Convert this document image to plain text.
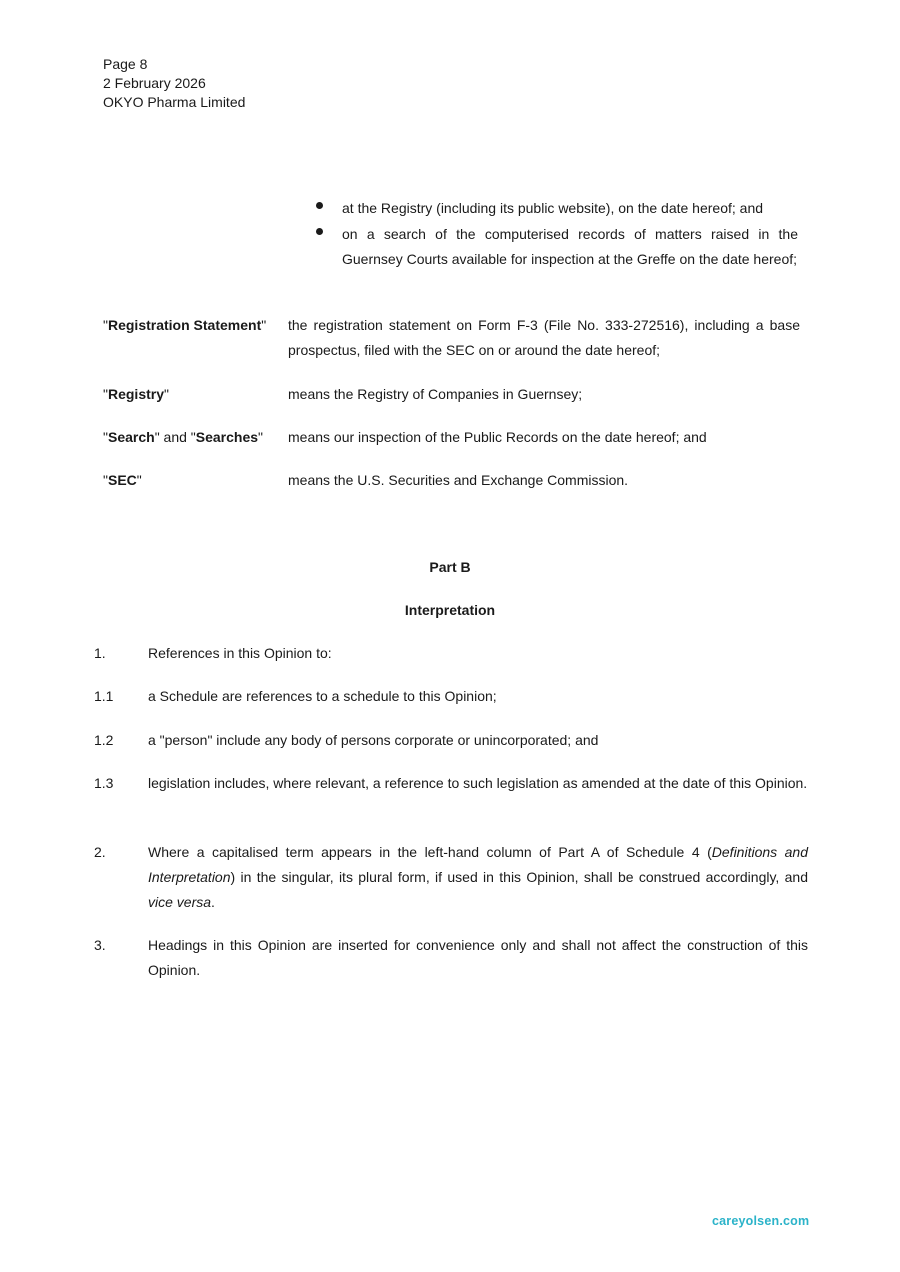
Page 8
2 February 2026
OKYO Pharma Limited
at the Registry (including its public website), on the date hereof; and
on a search of the computerised records of matters raised in the Guernsey Courts available for inspection at the Greffe on the date hereof;
"Registration Statement"	the registration statement on Form F-3 (File No. 333-272516), including a base prospectus, filed with the SEC on or around the date hereof;
"Registry"	means the Registry of Companies in Guernsey;
"Search" and "Searches"	means our inspection of the Public Records on the date hereof; and
"SEC"	means the U.S. Securities and Exchange Commission.
Part B
Interpretation
1.	References in this Opinion to:
1.1 a Schedule are references to a schedule to this Opinion;
1.2 a "person" include any body of persons corporate or unincorporated; and
1.3 legislation includes, where relevant, a reference to such legislation as amended at the date of this Opinion.
2.	Where a capitalised term appears in the left-hand column of Part A of Schedule 4 (Definitions and Interpretation) in the singular, its plural form, if used in this Opinion, shall be construed accordingly, and vice versa.
3.	Headings in this Opinion are inserted for convenience only and shall not affect the construction of this Opinion.
careyolsen.com
